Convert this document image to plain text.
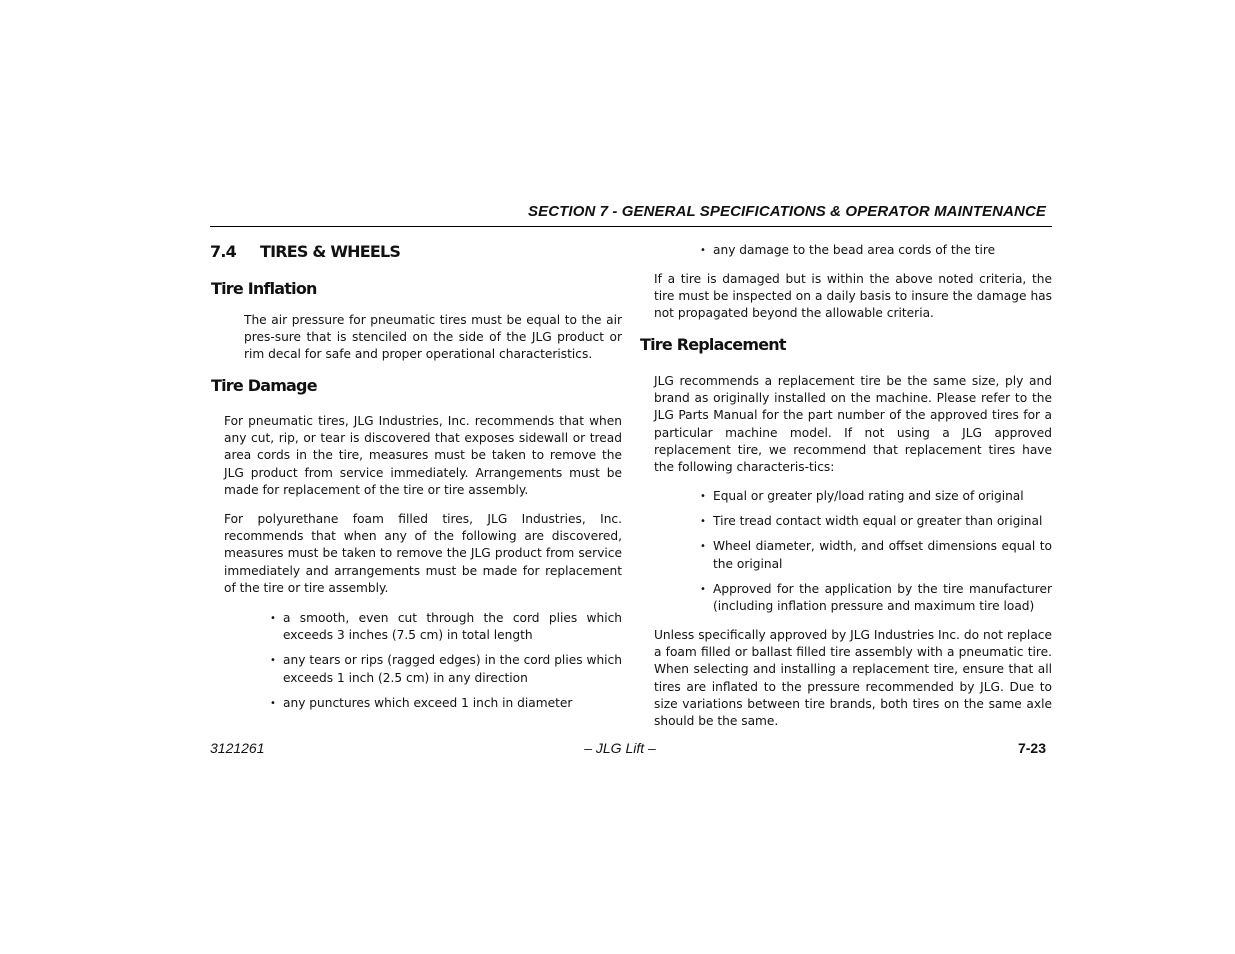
SECTION 7 - GENERAL SPECIFICATIONS & OPERATOR MAINTENANCE
7.4 TIRES & WHEELS
Tire Inflation

The air pressure for pneumatic tires must be equal to the air pres-sure that is stenciled on the side of the JLG product or rim decal for safe and proper operational characteristics.

Tire Damage

For pneumatic tires, JLG Industries, Inc. recommends that when any cut, rip, or tear is discovered that exposes sidewall or tread area cords in the tire, measures must be taken to remove the JLG product from service immediately. Arrangements must be made for replacement of the tire or tire assembly.

For polyurethane foam filled tires, JLG Industries, Inc. recommends that when any of the following are discovered, measures must be taken to remove the JLG product from service immediately and arrangements must be made for replacement of the tire or tire assembly.

• a smooth, even cut through the cord plies which exceeds 3 inches (7.5 cm) in total length
• any tears or rips (ragged edges) in the cord plies which exceeds 1 inch (2.5 cm) in any direction
• any punctures which exceed 1 inch in diameter
• any damage to the bead area cords of the tire

If a tire is damaged but is within the above noted criteria, the tire must be inspected on a daily basis to insure the damage has not propagated beyond the allowable criteria.

Tire Replacement

JLG recommends a replacement tire be the same size, ply and brand as originally installed on the machine. Please refer to the JLG Parts Manual for the part number of the approved tires for a particular machine model. If not using a JLG approved replacement tire, we recommend that replacement tires have the following characteris-tics:

• Equal or greater ply/load rating and size of original
• Tire tread contact width equal or greater than original
• Wheel diameter, width, and offset dimensions equal to the original
• Approved for the application by the tire manufacturer (including inflation pressure and maximum tire load)

Unless specifically approved by JLG Industries Inc. do not replace a foam filled or ballast filled tire assembly with a pneumatic tire. When selecting and installing a replacement tire, ensure that all tires are inflated to the pressure recommended by JLG. Due to size variations between tire brands, both tires on the same axle should be the same.

3121261	– JLG Lift –	7-23
